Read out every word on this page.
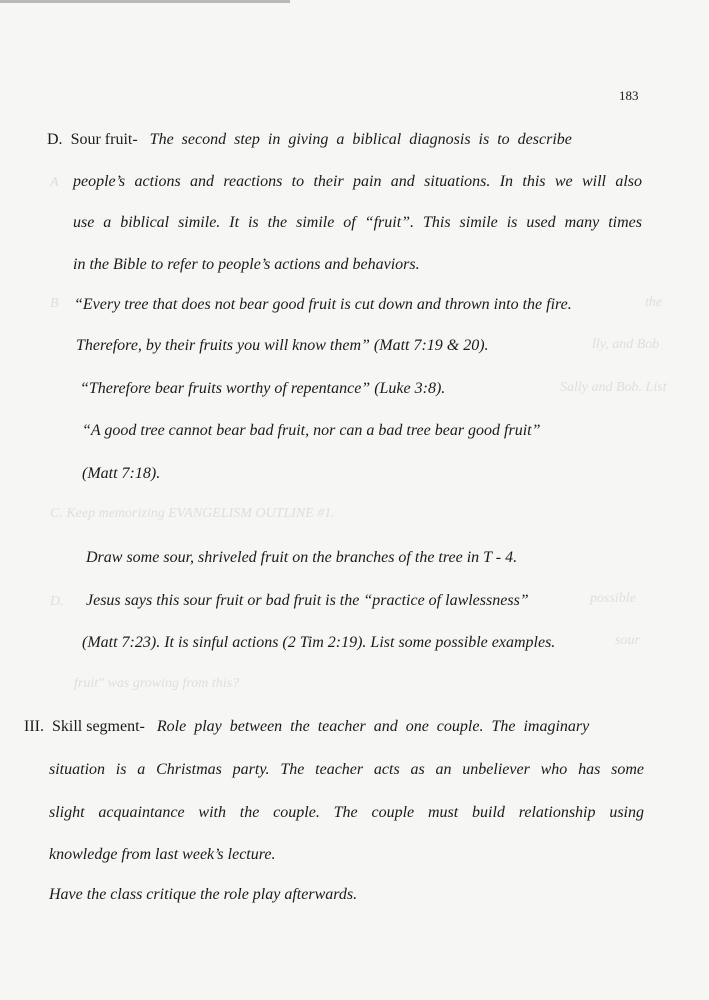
A
B
C. Keep memorizing EVANGELISM OUTLINE #1.
D.
lly, and Bob
Sally and Bob. List
possible
sour
fruit" was growing from this?
the
183
D. Sour fruit- The second step in giving a biblical diagnosis is to describe
people’s actions and reactions to their pain and situations. In this we will also
use a biblical simile. It is the simile of “fruit”. This simile is used many times
in the Bible to refer to people’s actions and behaviors.
“Every tree that does not bear good fruit is cut down and thrown into the fire.
Therefore, by their fruits you will know them” (Matt 7:19 & 20).
“Therefore bear fruits worthy of repentance” (Luke 3:8).
“A good tree cannot bear bad fruit, nor can a bad tree bear good fruit”
(Matt 7:18).
Draw some sour, shriveled fruit on the branches of the tree in T - 4.
Jesus says this sour fruit or bad fruit is the “practice of lawlessness”
(Matt 7:23). It is sinful actions (2 Tim 2:19). List some possible examples.
III. Skill segment- Role play between the teacher and one couple. The imaginary
situation is a Christmas party. The teacher acts as an unbeliever who has some
slight acquaintance with the couple. The couple must build relationship using
knowledge from last week’s lecture.
Have the class critique the role play afterwards.
